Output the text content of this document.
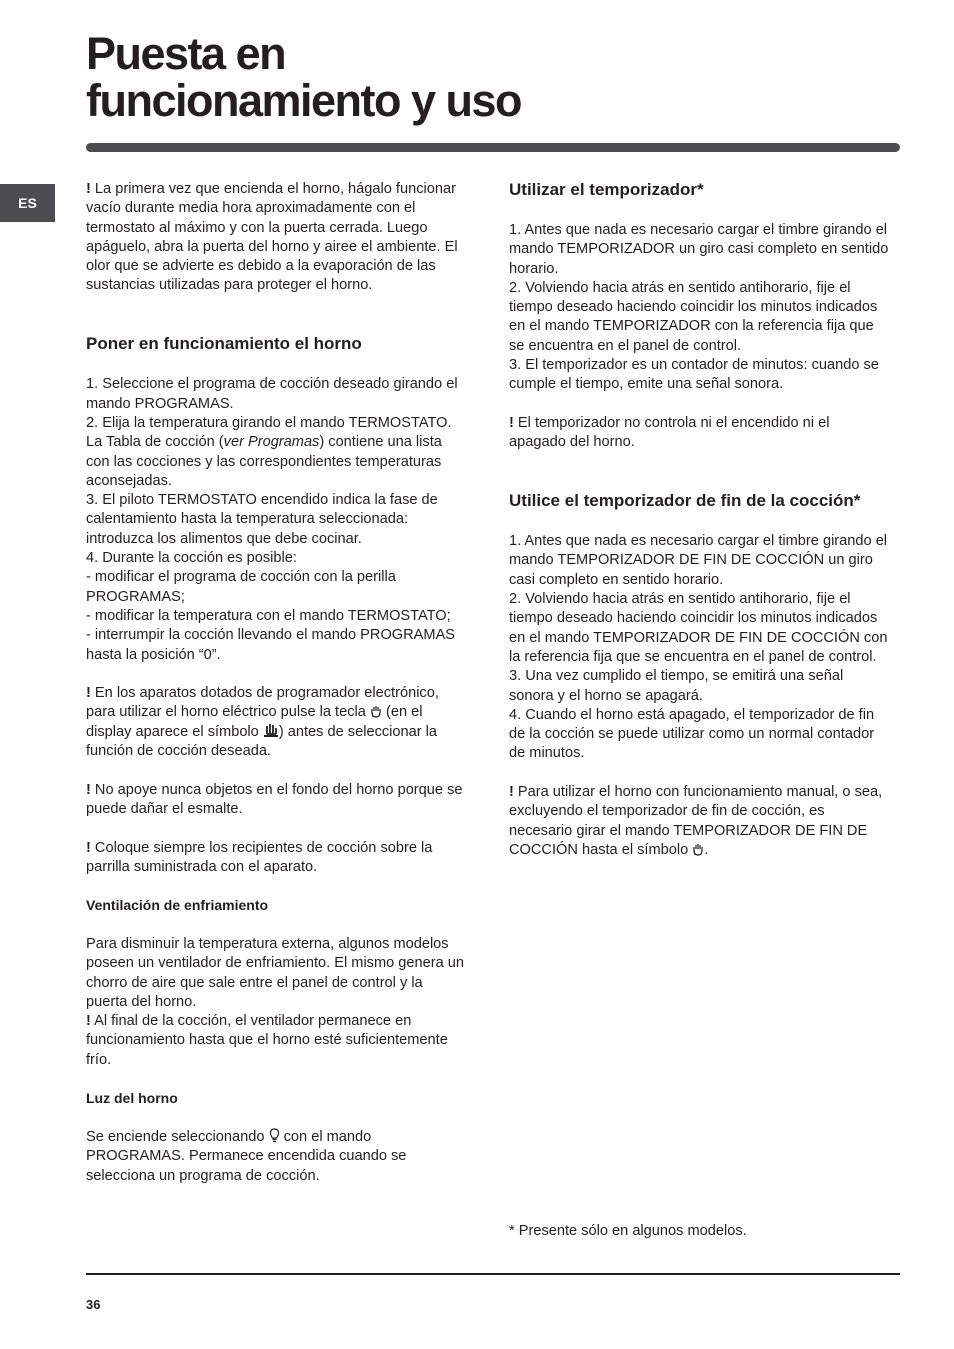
Puesta en
funcionamiento y uso
ES

! La primera vez que encienda el horno, hágalo funcionar vacío durante media hora aproximadamente con el termostato al máximo y con la puerta cerrada. Luego apáguelo, abra la puerta del horno y airee el ambiente. El olor que se advierte es debido a la evaporación de las sustancias utilizadas para proteger el horno.

Poner en funcionamiento el horno

1. Seleccione el programa de cocción deseado girando el mando PROGRAMAS.

2. Elija la temperatura girando el mando TERMOSTATO. La Tabla de cocción (ver Programas) contiene una lista con las cocciones y las correspondientes temperaturas aconsejadas.

3. El piloto TERMOSTATO encendido indica la fase de calentamiento hasta la temperatura seleccionada: introduzca los alimentos que debe cocinar.

4. Durante la cocción es posible:

- modificar el programa de cocción con la perilla PROGRAMAS;

- modificar la temperatura con el mando TERMOSTATO;

- interrumpir la cocción llevando el mando PROGRAMAS hasta la posición “0”.

! En los aparatos dotados de programador electrónico, para utilizar el horno eléctrico pulse la tecla  (en el display aparece el símbolo ) antes de seleccionar la función de cocción deseada.

! No apoye nunca objetos en el fondo del horno porque se puede dañar el esmalte.

! Coloque siempre los recipientes de cocción sobre la parrilla suministrada con el aparato.

Ventilación de enfriamiento

Para disminuir la temperatura externa, algunos modelos poseen un ventilador de enfriamiento. El mismo genera un chorro de aire que sale entre el panel de control y la puerta del horno.

! Al final de la cocción, el ventilador permanece en funcionamiento hasta que el horno esté suficientemente frío.

Luz del horno

Se enciende seleccionando  con el mando PROGRAMAS. Permanece encendida cuando se selecciona un programa de cocción.

Utilizar el temporizador*

1. Antes que nada es necesario cargar el timbre girando el mando TEMPORIZADOR un giro casi completo en sentido horario.

2. Volviendo hacia atrás en sentido antihorario, fije el tiempo deseado haciendo coincidir los minutos indicados en el mando TEMPORIZADOR con la referencia fija que se encuentra en el panel de control.

3. El temporizador es un contador de minutos: cuando se cumple el tiempo, emite una señal sonora.

! El temporizador no controla ni el encendido ni el apagado del horno.

Utilice el temporizador de fin de la cocción*

1. Antes que nada es necesario cargar el timbre girando el mando TEMPORIZADOR DE FIN DE COCCIÓN un giro casi completo en sentido horario.

2. Volviendo hacia atrás en sentido antihorario, fije el tiempo deseado haciendo coincidir los minutos indicados en el mando TEMPORIZADOR DE FIN DE COCCIÓN con la referencia fija que se encuentra en el panel de control.

3. Una vez cumplido el tiempo, se emitirá una señal sonora y el horno se apagará.

4. Cuando el horno está apagado, el temporizador de fin de la cocción se puede utilizar como un normal contador de minutos.

! Para utilizar el horno con funcionamiento manual, o sea, excluyendo el temporizador de fin de cocción, es necesario girar el mando TEMPORIZADOR DE FIN DE COCCIÓN hasta el símbolo .

* Presente sólo en algunos modelos.
36
